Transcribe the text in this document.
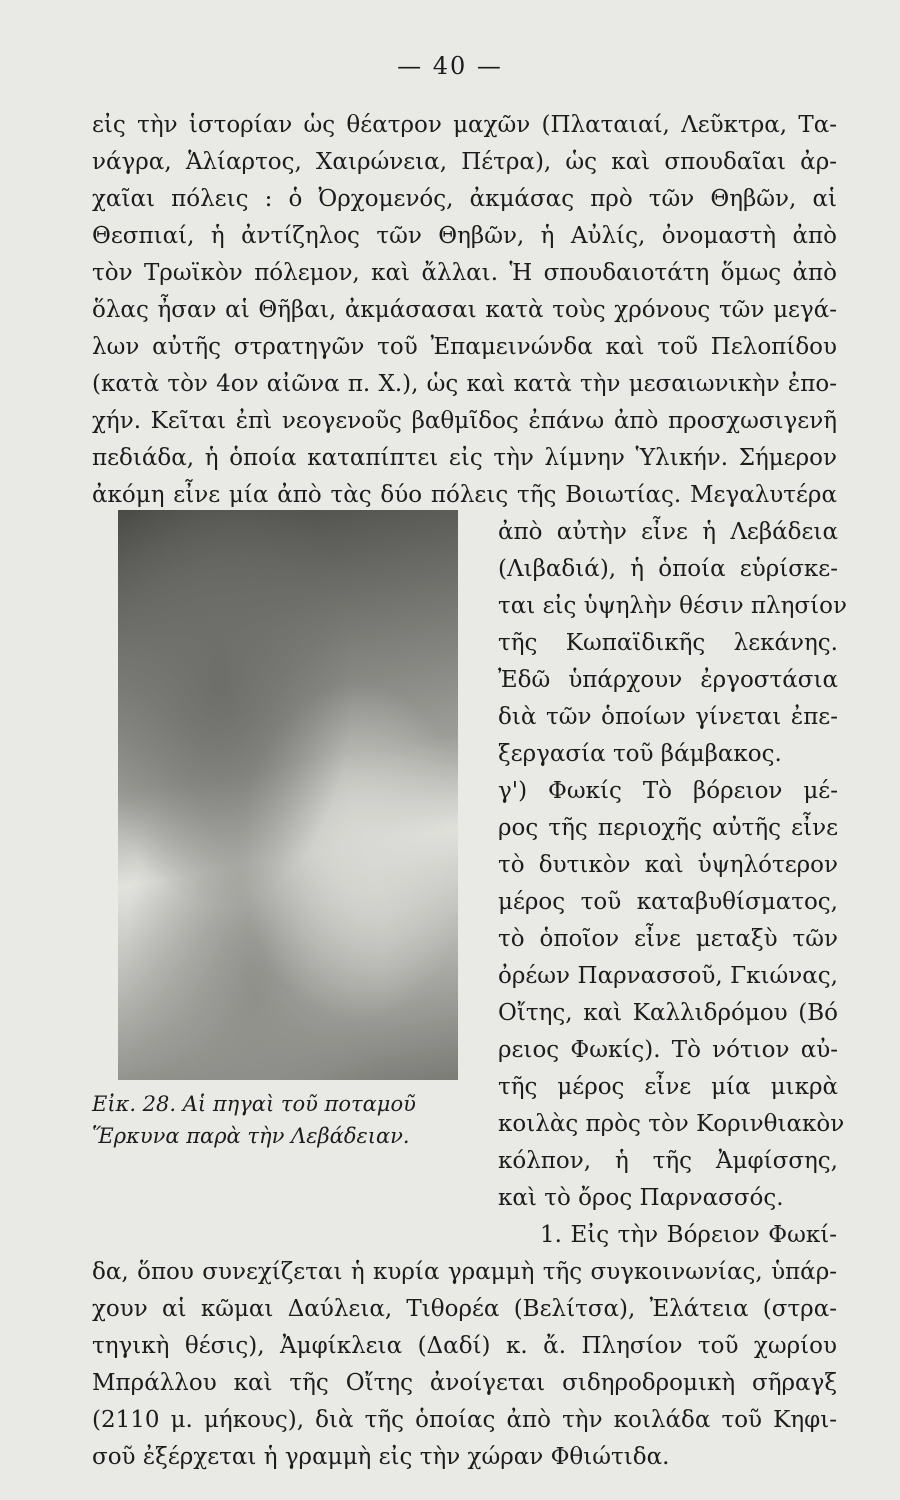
— 40 —
εἰς τὴν ἱστορίαν ὡς θέατρον μαχῶν (Πλαταιαί, Λεῦκτρα, Τα-
νάγρα, Ἁλίαρτος, Χαιρώνεια, Πέτρα), ὡς καὶ σπουδαῖαι ἀρ-
χαῖαι πόλεις : ὁ Ὀρχομενός, ἀκμάσας πρὸ τῶν Θηβῶν, αἱ
Θεσπιαί, ἡ ἀντίζηλος τῶν Θηβῶν, ἡ Αὐλίς, ὀνομαστὴ ἀπὸ
τὸν Τρωϊκὸν πόλεμον, καὶ ἄλλαι. Ἡ σπουδαιοτάτη ὅμως ἀπὸ
ὅλας ἦσαν αἱ Θῆβαι, ἀκμάσασαι κατὰ τοὺς χρόνους τῶν μεγά-
λων αὐτῆς στρατηγῶν τοῦ Ἐπαμεινώνδα καὶ τοῦ Πελοπίδου
(κατὰ τὸν 4ον αἰῶνα π. Χ.), ὡς καὶ κατὰ τὴν μεσαιωνικὴν ἐπο-
χήν. Κεῖται ἐπὶ νεογενοῦς βαθμῖδος ἐπάνω ἀπὸ προσχωσιγενῆ
πεδιάδα, ἡ ὁποία καταπίπτει εἰς τὴν λίμνην Ὑλικήν. Σήμερον
ἀκόμη εἶνε μία ἀπὸ τὰς δύο πόλεις τῆς Βοιωτίας. Μεγαλυτέρα
ἀπὸ αὐτὴν εἶνε ἡ Λεβάδεια
(Λιβαδιά), ἡ ὁποία εὑρίσκε-
ται εἰς ὑψηλὴν θέσιν πλησίον
τῆς Κωπαϊδικῆς λεκάνης.
Ἐδῶ ὑπάρχουν ἐργοστάσια
διὰ τῶν ὁποίων γίνεται ἐπε-
ξεργασία τοῦ βάμβακος.
γ') Φωκίς Τὸ βόρειον μέ-
ρος τῆς περιοχῆς αὐτῆς εἶνε
τὸ δυτικὸν καὶ ὑψηλότερον
μέρος τοῦ καταβυθίσματος,
τὸ ὁποῖον εἶνε μεταξὺ τῶν
ὀρέων Παρνασσοῦ, Γκιώνας,
Οἴτης, καὶ Καλλιδρόμου (Βό
ρειος Φωκίς). Τὸ νότιον αὐ-
τῆς μέρος εἶνε μία μικρὰ
κοιλὰς πρὸς τὸν Κορινθιακὸν
κόλπον, ἡ τῆς Ἀμφίσσης,
καὶ τὸ ὄρος Παρνασσός.
Εἰκ. 28. Αἱ πηγαὶ τοῦ ποταμοῦ
Ἕρκυνα παρὰ τὴν Λεβάδειαν.
1. Εἰς τὴν Βόρειον Φωκί-
δα, ὅπου συνεχίζεται ἡ κυρία γραμμὴ τῆς συγκοινωνίας, ὑπάρ-
χουν αἱ κῶμαι Δαύλεια, Τιθορέα (Βελίτσα), Ἐλάτεια (στρα-
τηγικὴ θέσις), Ἀμφίκλεια (Δαδί) κ. ἄ. Πλησίον τοῦ χωρίου
Μπράλλου καὶ τῆς Οἴτης ἀνοίγεται σιδηροδρομικὴ σῆραγξ
(2110 μ. μήκους), διὰ τῆς ὁποίας ἀπὸ τὴν κοιλάδα τοῦ Κηφι-
σοῦ ἐξέρχεται ἡ γραμμὴ εἰς τὴν χώραν Φθιώτιδα.
